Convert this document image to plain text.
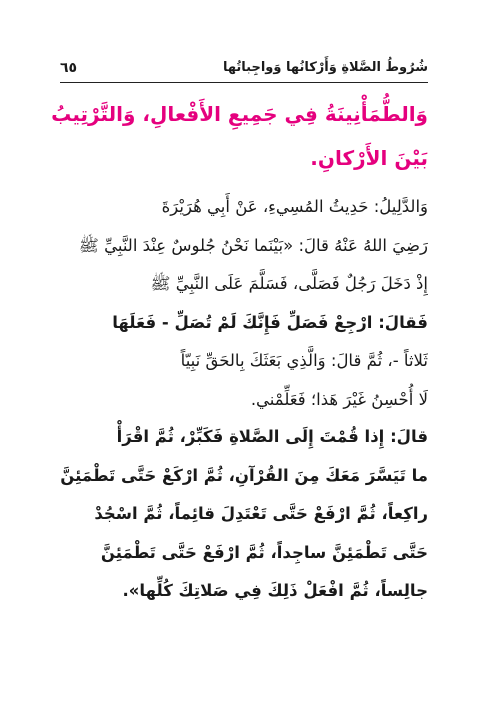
شُرُوطُ الصَّلاةِ وَأَرْكانُها وَواجِباتُها
٦٥
وَالطُّمَأْنِينَةُ فِي جَمِيعِ الأَفْعالِ، وَالتَّرْتِيبُ
بَيْنَ الأَرْكانِ.
وَالدَّلِيلُ: حَدِيثُ المُسِيءِ، عَنْ أَبِي هُرَيْرَةَ
رَضِيَ اللهُ عَنْهُ قالَ: «بَيْنَما نَحْنُ جُلوسٌ عِنْدَ النَّبِيِّ ﷺ
إِذْ دَخَلَ رَجُلٌ فَصَلَّى، فَسَلَّمَ عَلَى النَّبِيِّ ﷺ
فَقالَ: ارْجِعْ فَصَلِّ فَإِنَّكَ لَمْ تُصَلِّ - فَعَلَهَا
ثَلاثاً -، ثُمَّ قالَ: وَالَّذِي بَعَثَكَ بِالحَقِّ نَبِيّاً
لَا أُحْسِنُ غَيْرَ هَذا؛ فَعَلِّمْني.
قالَ: إِذا قُمْتَ إِلَى الصَّلاةِ فَكَبِّرْ، ثُمَّ اقْرَأْ
ما تَيَسَّرَ مَعَكَ مِنَ القُرْآنِ، ثُمَّ ارْكَعْ حَتَّى تَطْمَئِنَّ
راكِعاً، ثُمَّ ارْفَعْ حَتَّى تَعْتَدِلَ قائِماً، ثُمَّ اسْجُدْ
حَتَّى تَطْمَئِنَّ ساجِداً، ثُمَّ ارْفَعْ حَتَّى تَطْمَئِنَّ
جالِساً، ثُمَّ افْعَلْ ذَلِكَ فِي صَلاتِكَ كُلِّها».
